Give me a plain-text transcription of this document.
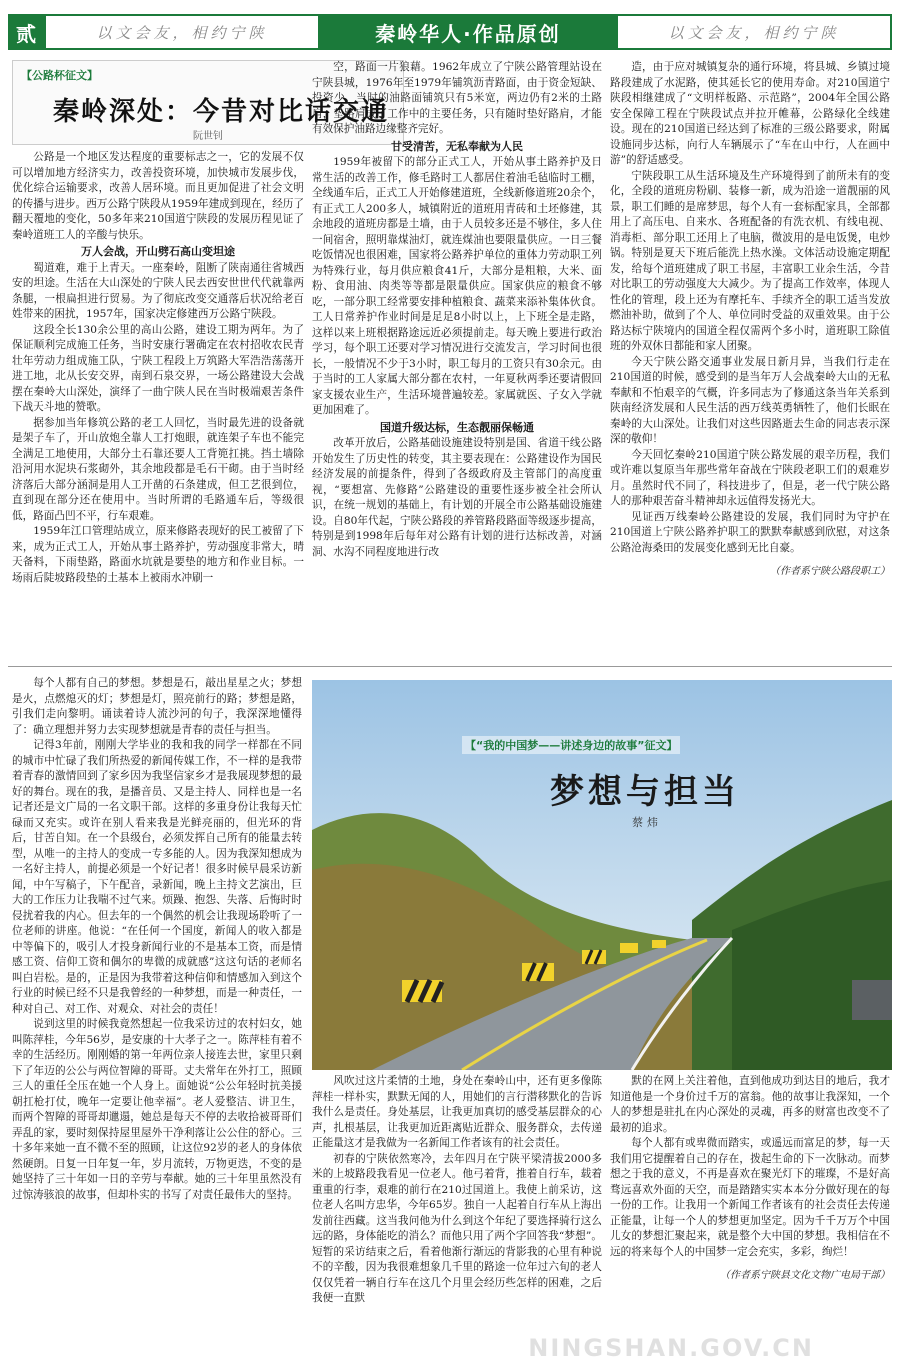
贰	以文会友，相约宁陕	秦岭华人·作品原创	以文会友，相约宁陕
【公路杯征文】
秦岭深处：今昔对比话交通
阮世钊

公路是一个地区发达程度的重要标志之一，它的发展不仅可以增加地方经济实力，改善投资环境，加快城市发展步伐，优化综合运输要求，改善人居环境。而且更加促进了社会文明的传播与进步。西万公路宁陕段从1959年建成到现在，经历了翻天覆地的变化，50多年来210国道宁陕段的发展历程见证了秦岭道班工人的辛酸与快乐。

万人会战，开山劈石高山变坦途

蜀道难，难于上青天。一座秦岭，阻断了陕南通往省城西安的坦途。生活在大山深处的宁陕人民去西安世世代代就靠两条腿，一根扁担进行贸易。为了彻底改变交通落后状况给老百姓带来的困扰，1957年，国家决定修建西万公路宁陕段。

这段全长130余公里的高山公路，建设工期为两年。为了保证顺利完成施工任务，当时安康行署确定在农村招收农民青壮年劳动力组成施工队，宁陕工程段上万筑路大军浩浩荡荡开进工地，北从长安交界，南到石泉交界，一场公路建设大会战摆在秦岭大山深处，演绎了一曲宁陕人民在当时极端艰苦条件下战天斗地的赞歌。

据参加当年修筑公路的老工人回忆，当时最先进的设备就是架子车了，开山放炮全靠人工打炮眼，就连架子车也不能完全满足工地使用，大部分土石靠还要人工背篼扛挑。挡土墙除沿河用水泥块石浆砌外，其余地段都是毛石干砌。由于当时经济落后大部分涵洞是用人工开凿的石条建成，但工艺很到位，直到现在部分还在使用中。当时所谓的毛路通车后，等级很低，路面凸凹不平，行车艰难。

1959年江口管理站成立，原来修路表现好的民工被留了下来，成为正式工人，开始从事土路养护，劳动强度非常大，晴天备料，下雨垫路，路面水坑就是要垫的地方和作业目标。一场雨后陡坡路段垫的土基本上被雨水冲刷一

空，路面一片狼藉。1962年成立了宁陕公路管理站设在宁陕县城，1976年至1979年铺筑沥青路面，由于资金短缺、投资少，当时的油路面铺筑只有5米宽，两边仍有2米的土路肩，垫路肩成了工作中的主要任务，只有随时垫好路肩，才能有效保护油路边缘整齐完好。

甘受清苦，无私奉献为人民

1959年被留下的部分正式工人，开始从事土路养护及日常生活的改善工作，修毛路时工人都居住着油毛毡临时工棚，全线通车后，正式工人开始修建道班，全线新修道班20余个，有正式工人200多人，城镇附近的道班用青砖和土坯修建，其余地段的道班房都是土墙，由于人员较多还是不够住，多人住一间宿舍，照明靠煤油灯，就连煤油也要限量供应。一日三餐吃饭情况也很困难，国家将公路养护单位的重体力劳动职工列为特殊行业，每月供应粮食41斤，大部分是粗粮，大米、面粉、食用油、肉类等等都是限量供应。国家供应的粮食不够吃，一部分职工经常要安排种植粮食、蔬菜来添补集体伙食。工人日常养护作业时间是足足8小时以上，上下班全是走路，这样以来上班根据路途远近必须提前走。每天晚上要进行政治学习，每个职工还要对学习情况进行交流发言，学习时间也很长，一般情况不少于3小时，职工每月的工资只有30余元。由于当时的工人家属大部分都在农村，一年夏秋两季还要请假回家支援农业生产，生活环境普遍较差。家属就医、子女入学就更加困难了。

国道升级达标，生态靓丽保畅通

改革开放后，公路基础设施建设特别是国、省道干线公路开始发生了历史性的转变，其主要表现在：公路建设作为国民经济发展的前提条件，得到了各级政府及主管部门的高度重视，“要想富、先修路”公路建设的重要性逐步被全社会所认识，在统一规划的基础上，有计划的开展全市公路基础设施建设。自80年代起，宁陕公路段的养管路段路面等级逐步提高，特别是到1998年后每年对公路有计划的进行达标改善，对涵洞、水沟不同程度地进行改

造，由于应对城镇复杂的通行环境，将县城、乡镇过境路段建成了水泥路，使其延长它的使用寿命。对210国道宁陕段相继建成了“文明样板路、示范路”，2004年全国公路安全保障工程在宁陕段试点并拉开帷幕，公路绿化全线建设。现在的210国道已经达到了标准的三级公路要求，附属设施同步达标，向行人车辆展示了“车在山中行，人在画中游”的舒适感受。

宁陕段职工从生活环境及生产环境得到了前所未有的变化，全段的道班房粉刷、装修一新，成为沿途一道靓丽的风景，职工们睡的是席梦思，每个人有一套标配家具，全部都用上了高压电、自来水、各班配备的有洗衣机、有线电视、消毒柜、部分职工还用上了电脑，微波用的是电饭煲，电炒锅。特别是夏天下班后能洗上热水澡。文体活动设施定期配发，给每个道班建成了职工书屋，丰富职工业余生活，今昔对比职工的劳动强度大大减少。为了提高工作效率，体现人性化的管理，段上还为有摩托车、手续齐全的职工适当发放燃油补助，做到了个人、单位同时受益的双重效果。由于公路达标宁陕境内的国道全程仅需两个多小时，道班职工除值班的外双休日都能和家人团聚。

今天宁陕公路交通事业发展日新月异，当我们行走在210国道的时候，感受到的是当年万人会战秦岭大山的无私奉献和不怕艰辛的气概，许多同志为了修通这条当年关系到陕南经济发展和人民生活的西万线英勇牺牲了，他们长眠在秦岭的大山深处。让我们对这些因路逝去生命的同志表示深深的敬仰！

今天回忆秦岭210国道宁陕公路发展的艰辛历程，我们或许难以复原当年那些常年奋战在宁陕段老职工们的艰难岁月。虽然时代不同了，科技进步了，但是，老一代宁陕公路人的那种艰苦奋斗精神却永远值得发扬光大。

见证西万线秦岭公路建设的发展，我们同时为守护在210国道上宁陕公路养护职工的默默奉献感到欣慰，对这条公路沧海桑田的发展变化感到无比自豪。

（作者系宁陕公路段职工）

每个人都有自己的梦想。梦想是石，敲出星星之火；梦想是火，点燃熄灭的灯；梦想是灯，照亮前行的路；梦想是路，引我们走向黎明。诵读着诗人流沙河的句子，我深深地懂得了：确立理想并努力去实现梦想就是青春的责任与担当。

记得3年前，刚刚大学毕业的我和我的同学一样都在不同的城市中忙碌了我们所热爱的新闻传媒工作，不一样的是我带着青春的激情回到了家乡因为我坚信家乡才是我展现梦想的最好的舞台。现在的我，是播音员、又是主持人、同样也是一名记者还是文广局的一名文职干部。这样的多重身份让我每天忙碌而又充实。或许在别人看来我是光鲜亮丽的，但光环的背后，甘苦自知。在一个县级台，必须发挥自己所有的能量去转型，从唯一的主持人的变成一专多能的人。因为我深知想成为一名好主持人，前提必须是一个好记者！很多时候早晨采访新闻，中午写稿子，下午配音，录新闻，晚上主持文艺演出，巨大的工作压力让我喘不过气来。烦躁、抱怨、失落、后悔时时侵扰着我的内心。但去年的一个偶然的机会让我现场聆听了一位老师的讲座。他说：“在任何一个国度，新闻人的收入都是中等偏下的，吸引人才投身新闻行业的不是基本工资，而是情感工资、信仰工资和偶尔的卑微的成就感”这这句话的老师名叫白岩松。是的，正是因为我带着这种信仰和情感加入到这个行业的时候已经不只是我曾经的一种梦想，而是一种责任，一种对自己、对工作、对观众、对社会的责任！

说到这里的时候我竟然想起一位我采访过的农村妇女，她叫陈萍桂，今年56岁，是安康的十大孝子之一。陈萍桂有着不幸的生活经历。刚刚婚的第一年两位亲人接连去世，家里只剩下了年迈的公公与两位智障的哥哥。丈夫常年在外打工，照顾三人的重任全压在她一个人身上。面她说“公公年轻时抗美援朝扛枪打仗，晚年一定要让他幸福”。老人爱整洁、讲卫生，而两个智障的哥哥却邋遢，她总是每天不停的去收拾被哥哥们弄乱的家，要时刻保持屋里屋外干净利落让公公住的舒心。三十多年来她一直不微不至的照顾，让这位92岁的老人的身体依然硬朗。日复一日年复一年，岁月流转，万物更迭，不变的是她坚持了三十年如一日的辛劳与奉献。她的三十年里虽然没有过惊涛骇浪的故事，但却朴实的书写了对责任最伟大的坚持。

【“我的中国梦——讲述身边的故事”征文】
梦想与担当
蔡炜

风吹过这片柔情的土地，身处在秦岭山中，还有更多像陈萍桂一样朴实，默默无闻的人，用她们的言行潜移默化的告诉我什么是责任。身处基层，让我更加真切的感受基层群众的心声，扎根基层，让我更加近距离贴近群众、服务群众，去传递正能量这才是我做为一名新闻工作者该有的社会责任。

初春的宁陕依然寒冷，去年四月在宁陕平梁清拔2000多米的上坡路段我看见一位老人。他弓着背，推着自行车，载着重重的行李，艰难的前行在210过国道上。我使上前采访，这位老人名叫方忠华，今年65岁。独自一人起着自行车从上海出发前往西藏。这当我问他为什么到这个年纪了要选择骑行这么远的路，身体能吃的消么？而他只用了两个字回答我“梦想”。短暂的采访结束之后，看着他渐行渐远的背影我的心里有种说不的辛酸，因为我很难想象几千里的路途一位年过六旬的老人仅仅凭着一辆自行车在这几个月里会经历些怎样的困难，之后我便一直默

默的在网上关注着他，直到他成功到达目的地后，我才知道他是一个身价过千万的富翁。他的故事让我深知，一个人的梦想是驻扎在内心深处的灵魂，再多的财富也改变不了最初的追求。

每个人都有或卑微而踏实，或遥远而富足的梦，每一天我们用它提醒着自己的存在，拨起生命的下一次脉动。而梦想之于我的意义，不再是喜欢在聚光灯下的璀璨，不是好高骛远喜欢外面的天空，而是踏踏实实本本分分做好现在的每一份的工作。让我用一个新闻工作者该有的社会责任去传递正能量，让每一个人的梦想更加坚定。因为千千万万个中国儿女的梦想汇聚起来，就是整个大中国的梦想。我相信在不远的将来每个人的中国梦一定会充实，多彩，绚烂！

（作者系宁陕县文化文物广电局干部）
NINGSHAN.GOV.CN
